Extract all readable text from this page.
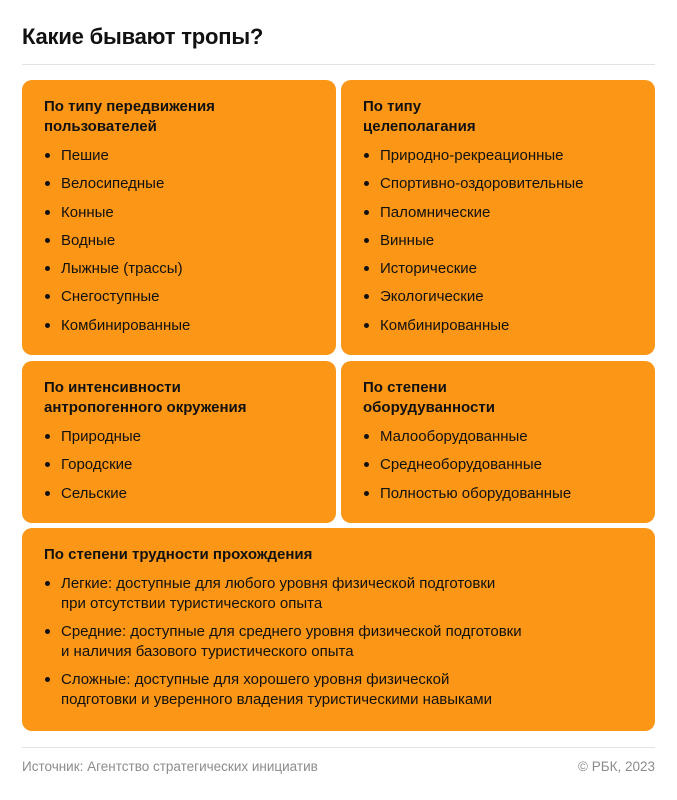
Какие бывают тропы?
По типу передвижения
пользователей
Пешие
Велосипедные
Конные
Водные
Лыжные (трассы)
Снегоступные
Комбинированные
По типу
целеполагания
Природно-рекреационные
Спортивно-оздоровительные
Паломнические
Винные
Исторические
Экологические
Комбинированные
По интенсивности
антропогенного окружения
Природные
Городские
Сельские
По степени
оборудуванности
Малооборудованные
Среднеоборудованные
Полностью оборудованные
По степени трудности прохождения
Легкие: доступные для любого уровня физической подготовки
при отсутствии туристического опыта
Средние: доступные для среднего уровня физической подготовки
и наличия базового туристического опыта
Сложные: доступные для хорошего уровня физической
подготовки и уверенного владения туристическими навыками
Источник: Агентство стратегических инициатив	© РБК, 2023
